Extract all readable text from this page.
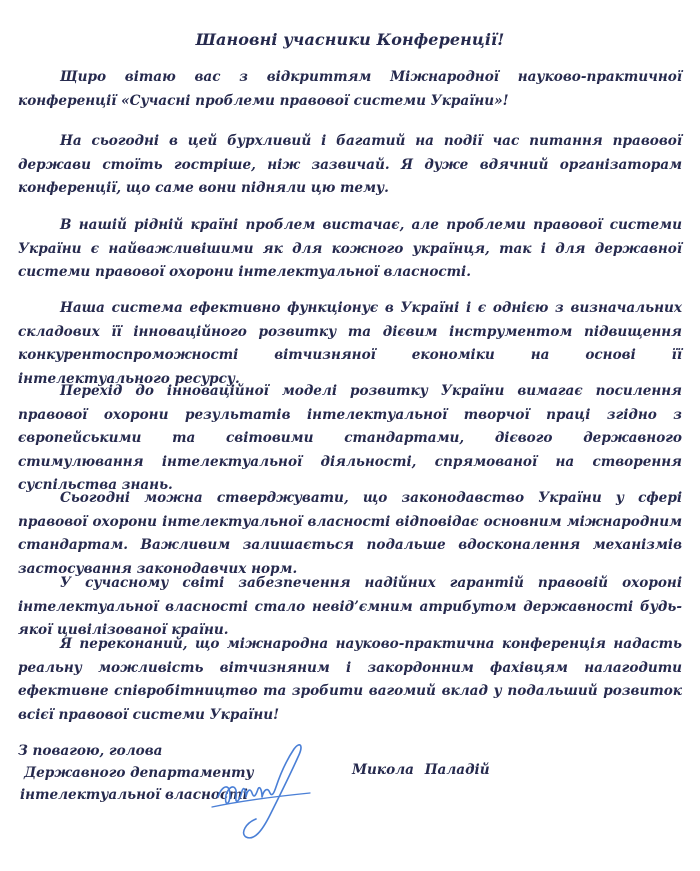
Шановні учасники Конференції!

Щиро вітаю вас з відкриттям Міжнародної науково-практичної конференції «Сучасні проблеми правової системи України»!

На сьогодні в цей бурхливий і багатий на події час питання правової держави стоїть гостріше, ніж зазвичай. Я дуже вдячний організаторам конференції, що саме вони підняли цю тему.

В нашій рідній країні проблем вистачає, але проблеми правової системи України є найважливішими як для кожного українця, так і для державної системи правової охорони інтелектуальної власності.

Наша система ефективно функціонує в Україні і є однією з визначальних складових її інноваційного розвитку та дієвим інструментом підвищення конкурентоспроможності вітчизняної економіки на основі її інтелектуального ресурсу.

Перехід до інноваційної моделі розвитку України вимагає посилення правової охорони результатів інтелектуальної творчої праці згідно з європейськими та світовими стандартами, дієвого державного стимулювання інтелектуальної діяльності, спрямованої на створення суспільства знань.

Сьогодні можна стверджувати, що законодавство України у сфері правової охорони інтелектуальної власності відповідає основним міжнародним стандартам. Важливим залишається подальше вдосконалення механізмів застосування законодавчих норм.

У сучасному світі забезпечення надійних гарантій правовій охороні інтелектуальної власності стало невід’ємним атрибутом державності будь-якої цивілізованої країни.

Я переконаний, що міжнародна науково-практична конференція надасть реальну можливість вітчизняним і закордонним фахівцям налагодити ефективне співробітництво та зробити вагомий вклад у подальший розвиток всієї правової системи України!

З повагою, голова
Державного департаменту
інтелектуальної власності
Микола Паладій
